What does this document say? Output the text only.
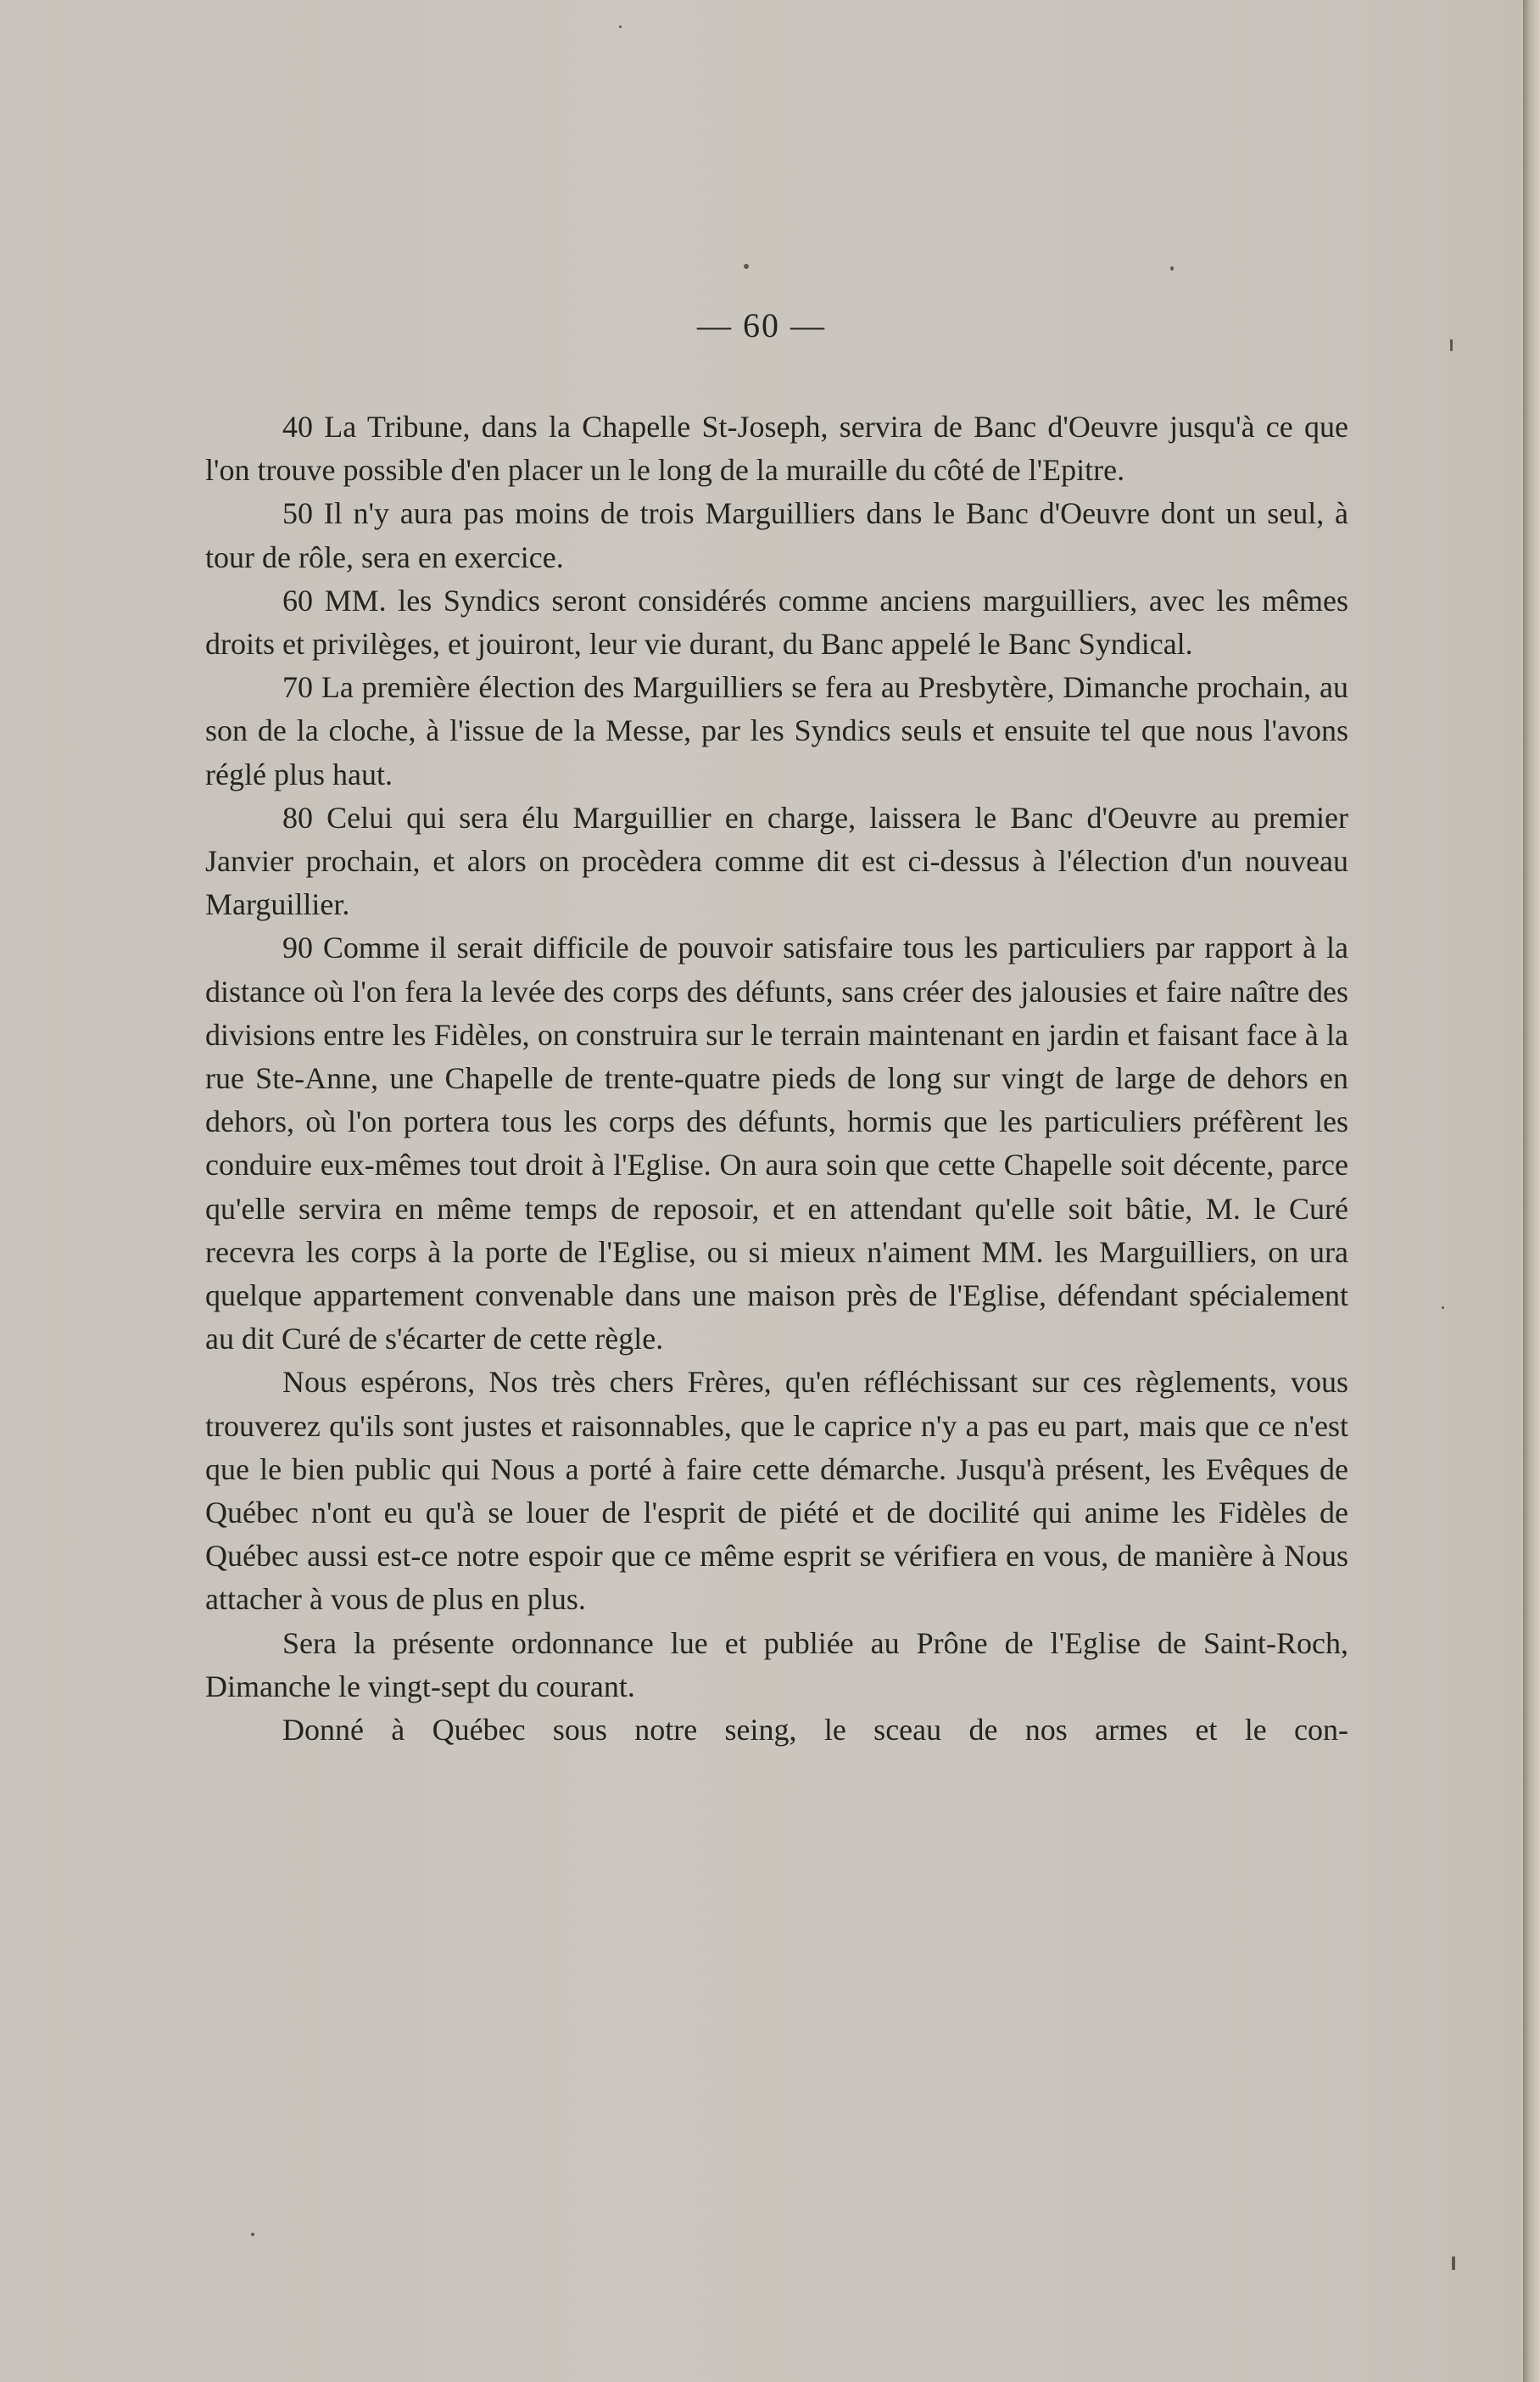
— 60 —

40 La Tribune, dans la Chapelle St-Joseph, servira de Banc d'Oeuvre jusqu'à ce que l'on trouve possible d'en placer un le long de la muraille du côté de l'Epitre.

50 Il n'y aura pas moins de trois Marguilliers dans le Banc d'Oeuvre dont un seul, à tour de rôle, sera en exercice.

60 MM. les Syndics seront considérés comme anciens marguilliers, avec les mêmes droits et privilèges, et jouiront, leur vie durant, du Banc appelé le Banc Syndical.

70 La première élection des Marguilliers se fera au Presbytère, Dimanche prochain, au son de la cloche, à l'issue de la Messe, par les Syndics seuls et ensuite tel que nous l'avons réglé plus haut.

80 Celui qui sera élu Marguillier en charge, laissera le Banc d'Oeuvre au premier Janvier prochain, et alors on procèdera comme dit est ci-dessus à l'élection d'un nouveau Marguillier.

90 Comme il serait difficile de pouvoir satisfaire tous les particuliers par rapport à la distance où l'on fera la levée des corps des défunts, sans créer des jalousies et faire naître des divisions entre les Fidèles, on construira sur le terrain maintenant en jardin et faisant face à la rue Ste-Anne, une Chapelle de trente-quatre pieds de long sur vingt de large de dehors en dehors, où l'on portera tous les corps des défunts, hormis que les particuliers préfèrent les conduire eux-mêmes tout droit à l'Eglise. On aura soin que cette Chapelle soit décente, parce qu'elle servira en même temps de reposoir, et en attendant qu'elle soit bâtie, M. le Curé recevra les corps à la porte de l'Eglise, ou si mieux n'aiment MM. les Marguilliers, on ura quelque appartement convenable dans une maison près de l'Eglise, défendant spécialement au dit Curé de s'écarter de cette règle.

Nous espérons, Nos très chers Frères, qu'en réfléchissant sur ces règlements, vous trouverez qu'ils sont justes et raisonnables, que le caprice n'y a pas eu part, mais que ce n'est que le bien public qui Nous a porté à faire cette démarche. Jusqu'à présent, les Evêques de Québec n'ont eu qu'à se louer de l'esprit de piété et de docilité qui anime les Fidèles de Québec aussi est-ce notre espoir que ce même esprit se vérifiera en vous, de manière à Nous attacher à vous de plus en plus.

Sera la présente ordonnance lue et publiée au Prône de l'Eglise de Saint-Roch, Dimanche le vingt-sept du courant.

Donné à Québec sous notre seing, le sceau de nos armes et le con-
